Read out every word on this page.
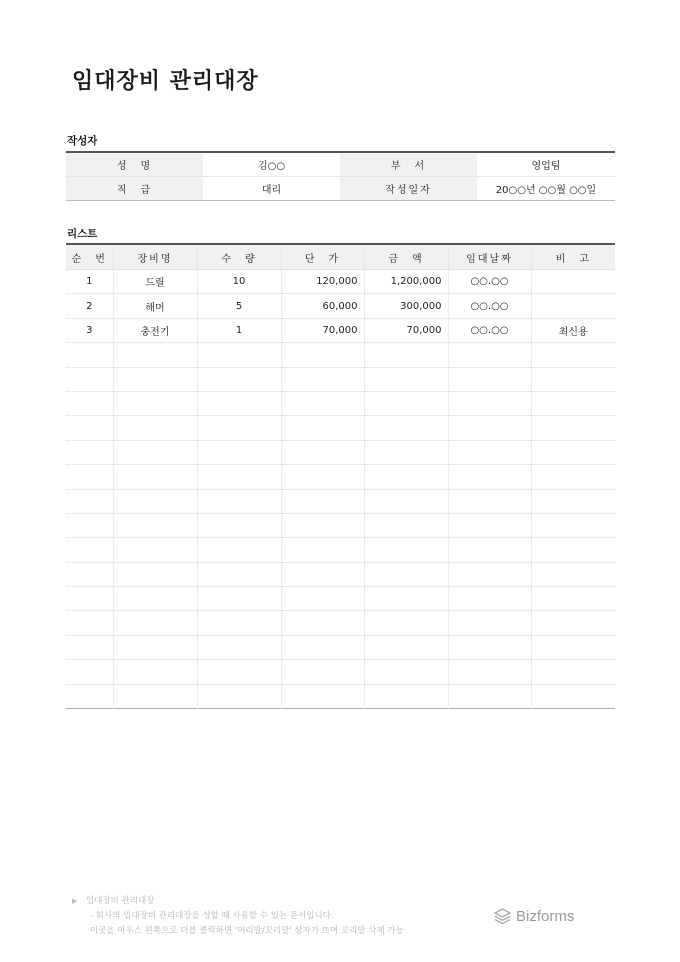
임대장비 관리대장
작성자
성　명	김○○	부　서	영업팀
직　급	대리	작성일자	20○○년 ○○월 ○○일
리스트
순　번	장비명	수　량	단　가	금　액	임대날짜	비　고
1	드릴	10	120,000	1,200,000	○○.○○	
2	해머	5	60,000	300,000	○○.○○	
3	충전기	1	70,000	70,000	○○.○○	최신용

▶ 임대장비 관리대장
- 회사의 임대장비 관리대장을 성할 때 사용할 수 있는 문서입니다.
이곳을 마우스 왼쪽으로 더블 클릭하면 '머리말/꼬리말' 상자가 뜨며 꼬리말 삭제 가능
Bizforms
